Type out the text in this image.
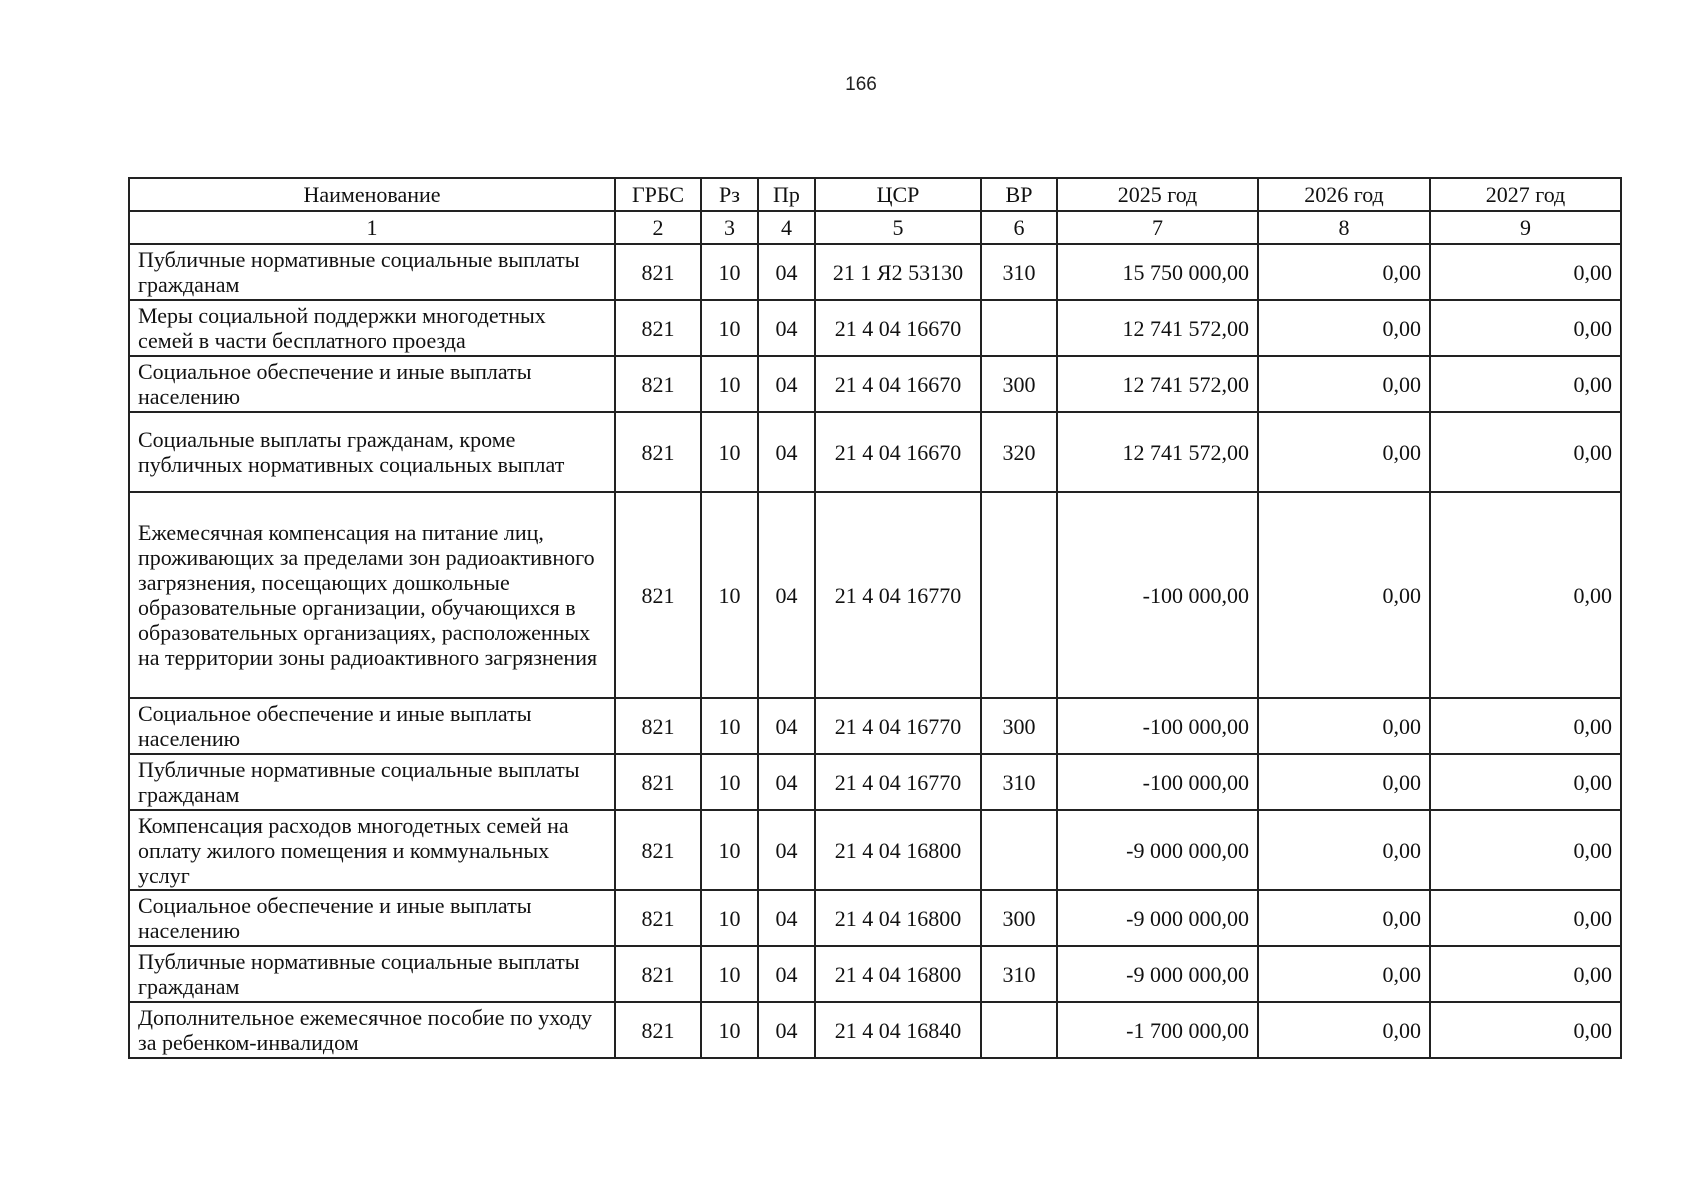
166
Наименование	ГРБС	Рз	Пр	ЦСР	ВР	2025 год	2026 год	2027 год
1	2	3	4	5	6	7	8	9
Публичные нормативные социальные выплаты гражданам	821	10	04	21 1 Я2 53130	310	15 750 000,00	0,00	0,00
Меры социальной поддержки многодетных семей в части бесплатного проезда	821	10	04	21 4 04 16670		12 741 572,00	0,00	0,00
Социальное обеспечение и иные выплаты населению	821	10	04	21 4 04 16670	300	12 741 572,00	0,00	0,00
Социальные выплаты гражданам, кроме публичных нормативных социальных выплат	821	10	04	21 4 04 16670	320	12 741 572,00	0,00	0,00
Ежемесячная компенсация на питание лиц, проживающих за пределами зон радиоактивного загрязнения, посещающих дошкольные образовательные организации, обучающихся в образовательных организациях, расположенных на территории зоны радиоактивного загрязнения	821	10	04	21 4 04 16770		-100 000,00	0,00	0,00
Социальное обеспечение и иные выплаты населению	821	10	04	21 4 04 16770	300	-100 000,00	0,00	0,00
Публичные нормативные социальные выплаты гражданам	821	10	04	21 4 04 16770	310	-100 000,00	0,00	0,00
Компенсация расходов многодетных семей на оплату жилого помещения и коммунальных услуг	821	10	04	21 4 04 16800		-9 000 000,00	0,00	0,00
Социальное обеспечение и иные выплаты населению	821	10	04	21 4 04 16800	300	-9 000 000,00	0,00	0,00
Публичные нормативные социальные выплаты гражданам	821	10	04	21 4 04 16800	310	-9 000 000,00	0,00	0,00
Дополнительное ежемесячное пособие по уходу за ребенком-инвалидом	821	10	04	21 4 04 16840		-1 700 000,00	0,00	0,00
